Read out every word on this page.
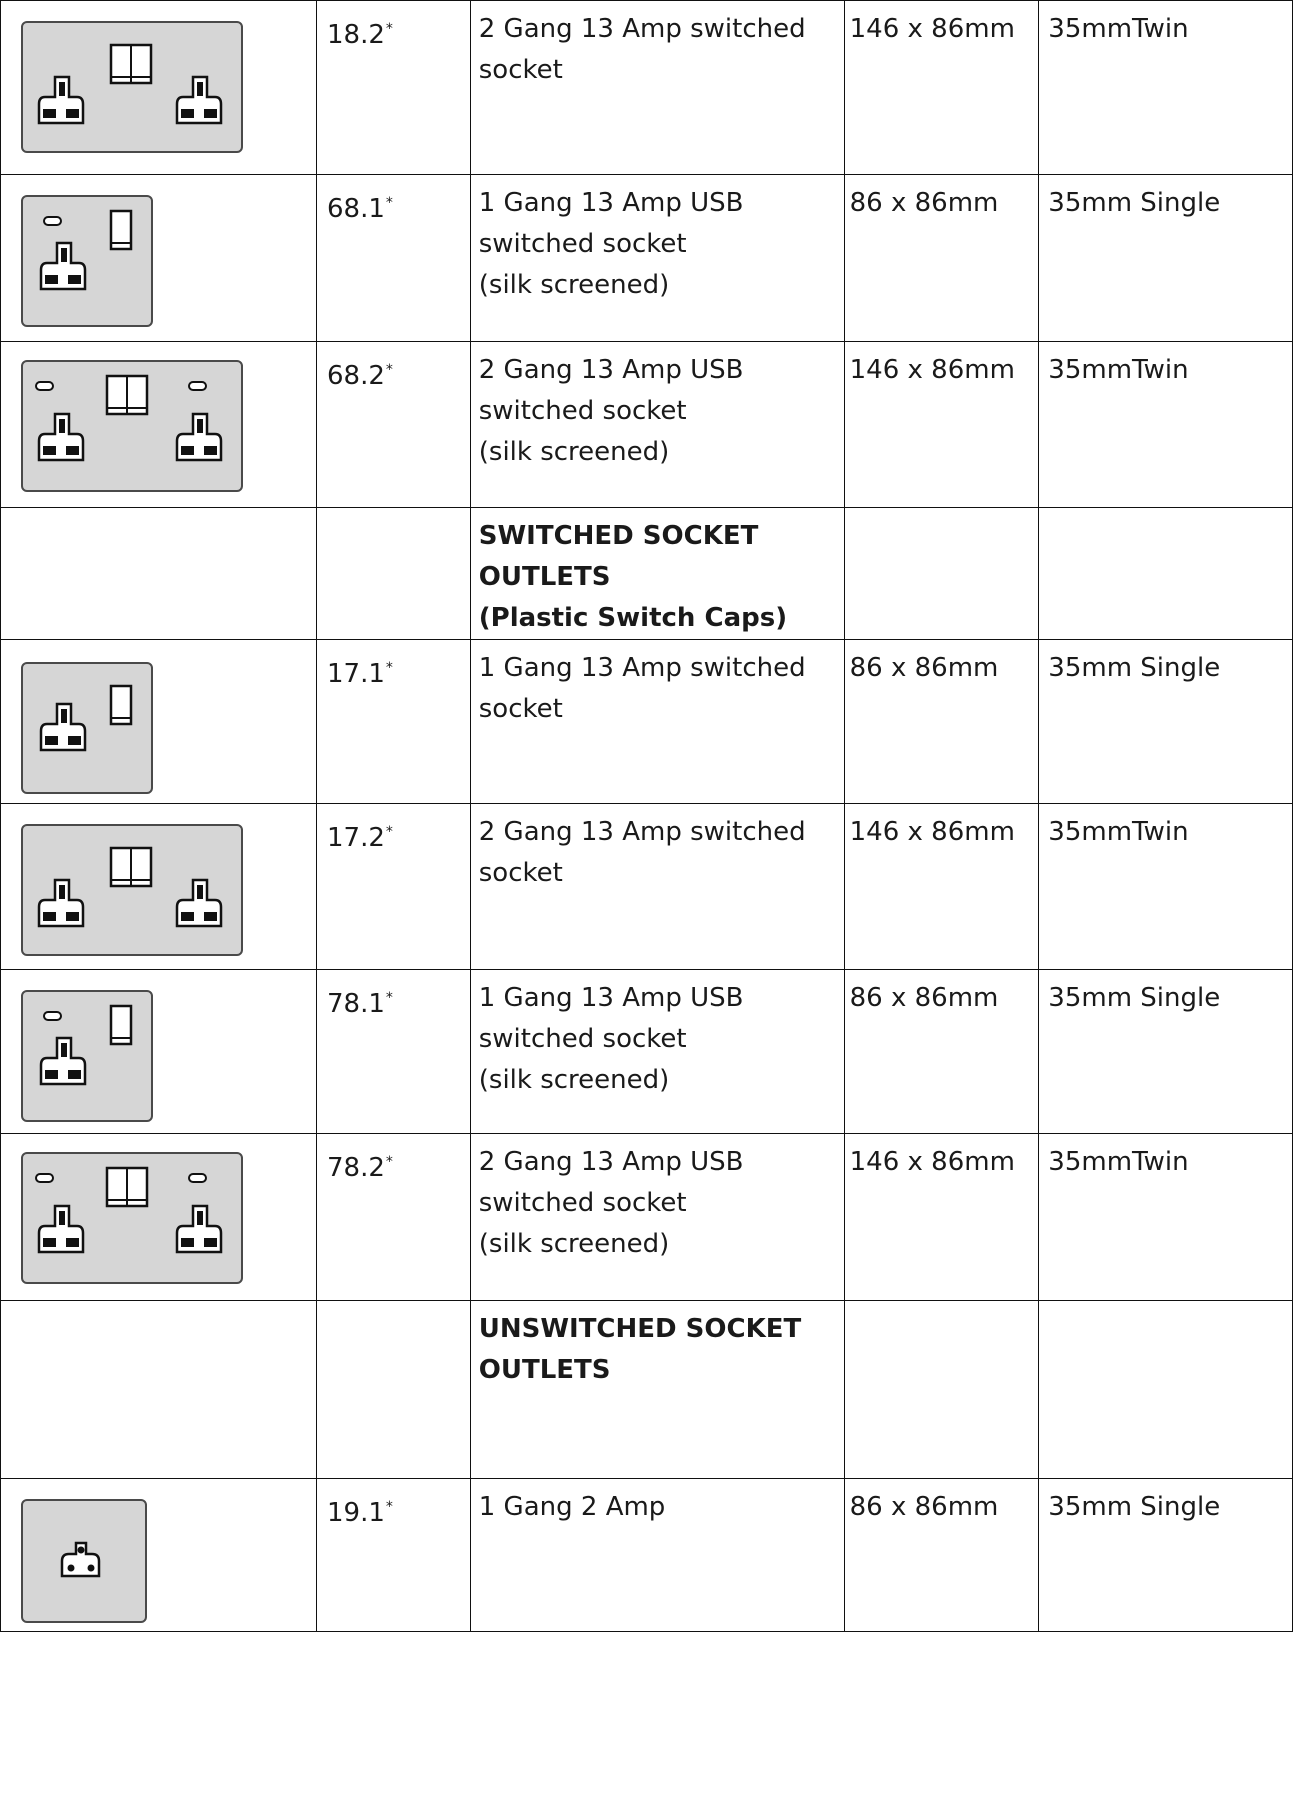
	18.2*	2 Gang 13 Amp switched
socket	146 x 86mm	35mmTwin

	68.1*	1 Gang 13 Amp USB
switched socket
(silk screened)	86 x 86mm	35mm Single

	68.2*	2 Gang 13 Amp USB
switched socket
(silk screened)	146 x 86mm	35mmTwin

		SWITCHED SOCKET
OUTLETS
(Plastic Switch Caps)		

	17.1*	1 Gang 13 Amp switched
socket	86 x 86mm	35mm Single

	17.2*	2 Gang 13 Amp switched
socket	146 x 86mm	35mmTwin

	78.1*	1 Gang 13 Amp USB
switched socket
(silk screened)	86 x 86mm	35mm Single

	78.2*	2 Gang 13 Amp USB
switched socket
(silk screened)	146 x 86mm	35mmTwin

		UNSWITCHED SOCKET
OUTLETS		

	19.1*	1 Gang 2 Amp	86 x 86mm	35mm Single
